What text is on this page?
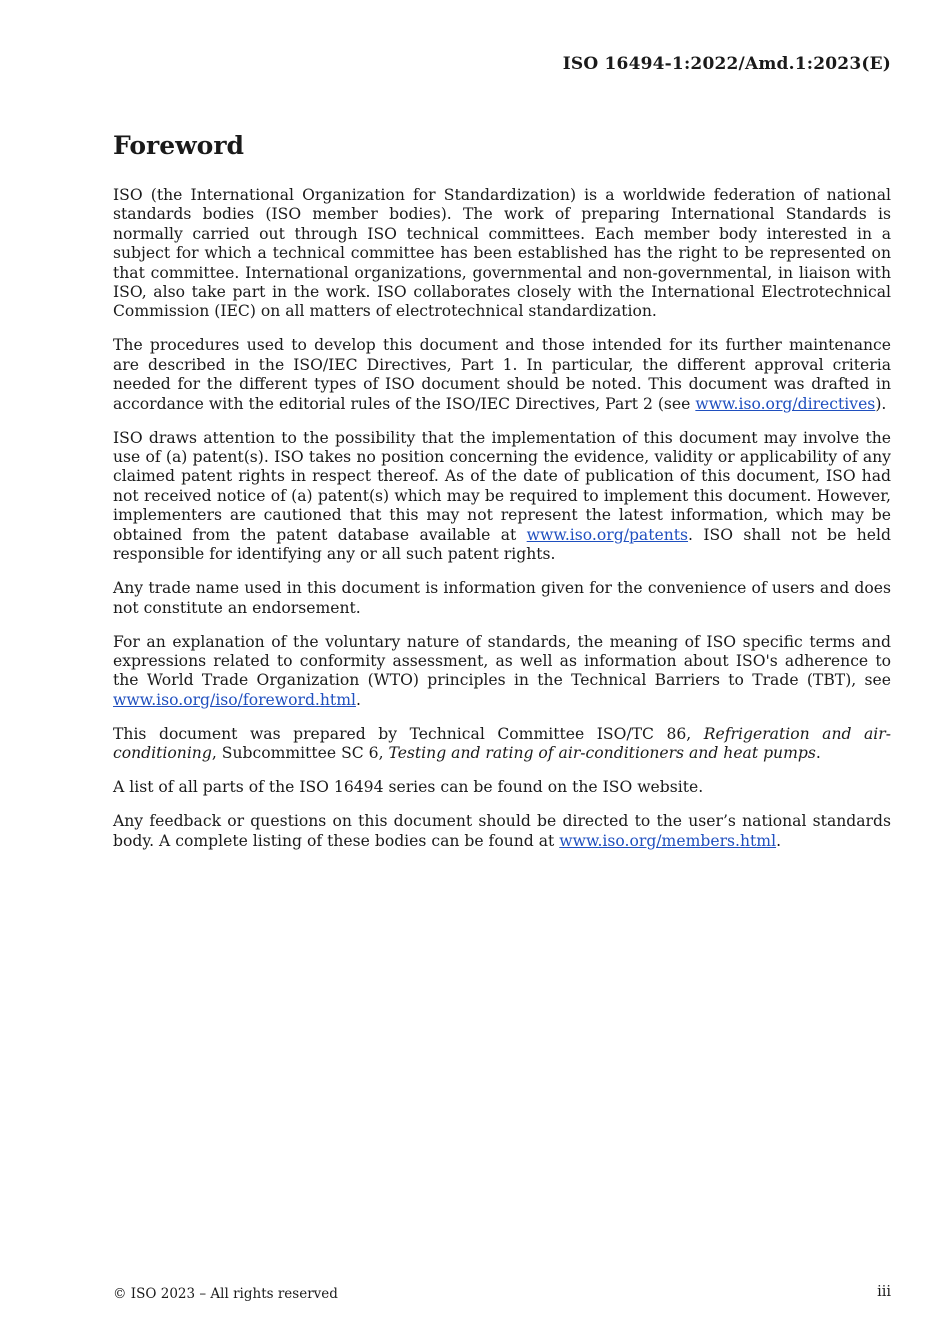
ISO 16494-1:2022/Amd.1:2023(E)
Foreword

ISO (the International Organization for Standardization) is a worldwide federation of national standards bodies (ISO member bodies). The work of preparing International Standards is normally carried out through ISO technical committees. Each member body interested in a subject for which a technical committee has been established has the right to be represented on that committee. International organizations, governmental and non-governmental, in liaison with ISO, also take part in the work. ISO collaborates closely with the International Electrotechnical Commission (IEC) on all matters of electrotechnical standardization.

The procedures used to develop this document and those intended for its further maintenance are described in the ISO/IEC Directives, Part 1. In particular, the different approval criteria needed for the different types of ISO document should be noted. This document was drafted in accordance with the editorial rules of the ISO/IEC Directives, Part 2 (see www.iso.org/directives).

ISO draws attention to the possibility that the implementation of this document may involve the use of (a) patent(s). ISO takes no position concerning the evidence, validity or applicability of any claimed patent rights in respect thereof. As of the date of publication of this document, ISO had not received notice of (a) patent(s) which may be required to implement this document. However, implementers are cautioned that this may not represent the latest information, which may be obtained from the patent database available at www.iso.org/patents. ISO shall not be held responsible for identifying any or all such patent rights.

Any trade name used in this document is information given for the convenience of users and does not constitute an endorsement.

For an explanation of the voluntary nature of standards, the meaning of ISO specific terms and expressions related to conformity assessment, as well as information about ISO's adherence to the World Trade Organization (WTO) principles in the Technical Barriers to Trade (TBT), see www.iso.org/iso/foreword.html.

This document was prepared by Technical Committee ISO/TC 86, Refrigeration and air-conditioning, Subcommittee SC 6, Testing and rating of air-conditioners and heat pumps.

A list of all parts of the ISO 16494 series can be found on the ISO website.

Any feedback or questions on this document should be directed to the user’s national standards body. A complete listing of these bodies can be found at www.iso.org/members.html.

© ISO 2023 – All rights reserved	iii
